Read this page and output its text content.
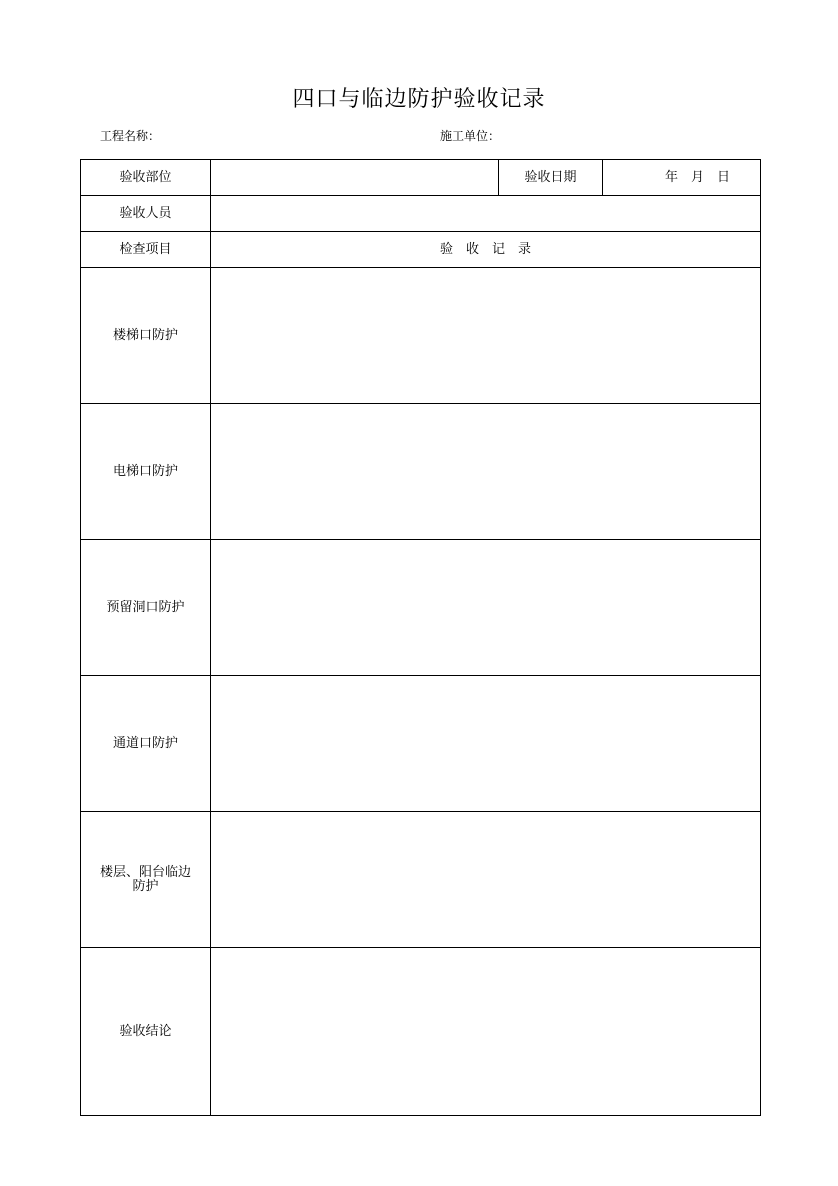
四口与临边防护验收记录
工程名称：	施工单位：
验收部位		验收日期	年　月　日
验收人员			
检查项目	验　收　记　录		
楼梯口防护			
电梯口防护			
预留洞口防护			
通道口防护			
楼层、阳台临边防护			
验收结论			
